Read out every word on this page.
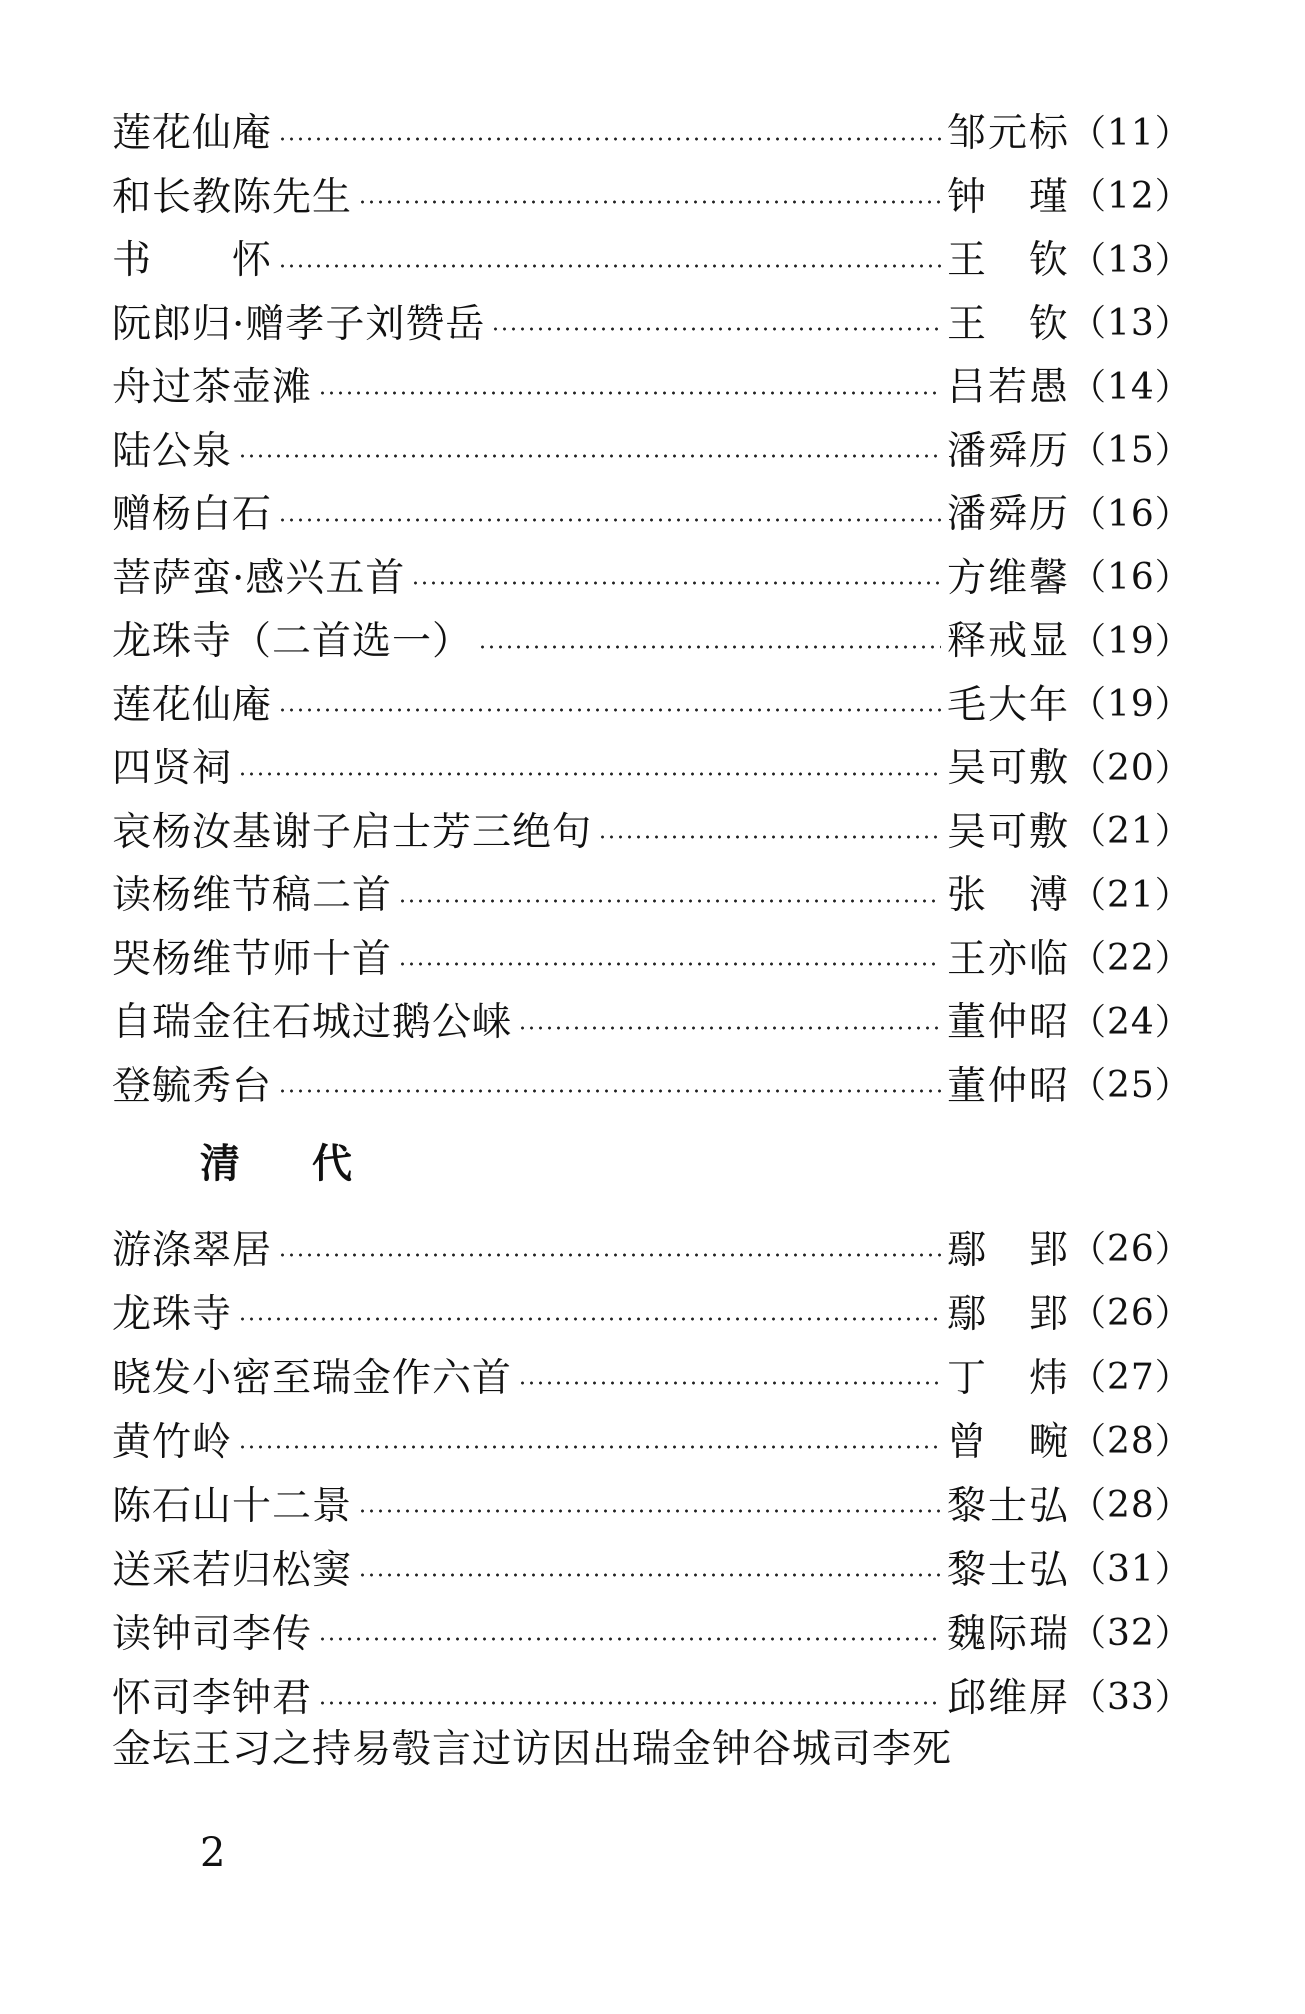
莲花仙庵	邹元标 （11）
和长教陈先生	钟　瑾 （12）
书　　怀	王　钦 （13）
阮郎归·赠孝子刘赞岳	王　钦 （13）
舟过茶壶滩	吕若愚 （14）
陆公泉	潘舜历 （15）
赠杨白石	潘舜历 （16）
菩萨蛮·感兴五首	方维馨 （16）
龙珠寺（二首选一）	释戒显 （19）
莲花仙庵	毛大年 （19）
四贤祠	吴可敷 （20）
哀杨汝基谢子启士芳三绝句	吴可敷 （21）
读杨维节稿二首	张　溥 （21）
哭杨维节师十首	王亦临 （22）
自瑞金往石城过鹅公崃	董仲昭 （24）
登毓秀台	董仲昭 （25）
清代
游涤翠居	鄢　郢 （26）
龙珠寺	鄢　郢 （26）
晓发小密至瑞金作六首	丁　炜 （27）
黄竹岭	曾　畹 （28）
陈石山十二景	黎士弘 （28）
送采若归松窦	黎士弘 （31）
读钟司李传	魏际瑞 （32）
怀司李钟君	邱维屏 （33）

金坛王习之持易彀言过访因出瑞金钟谷城司李死

2
